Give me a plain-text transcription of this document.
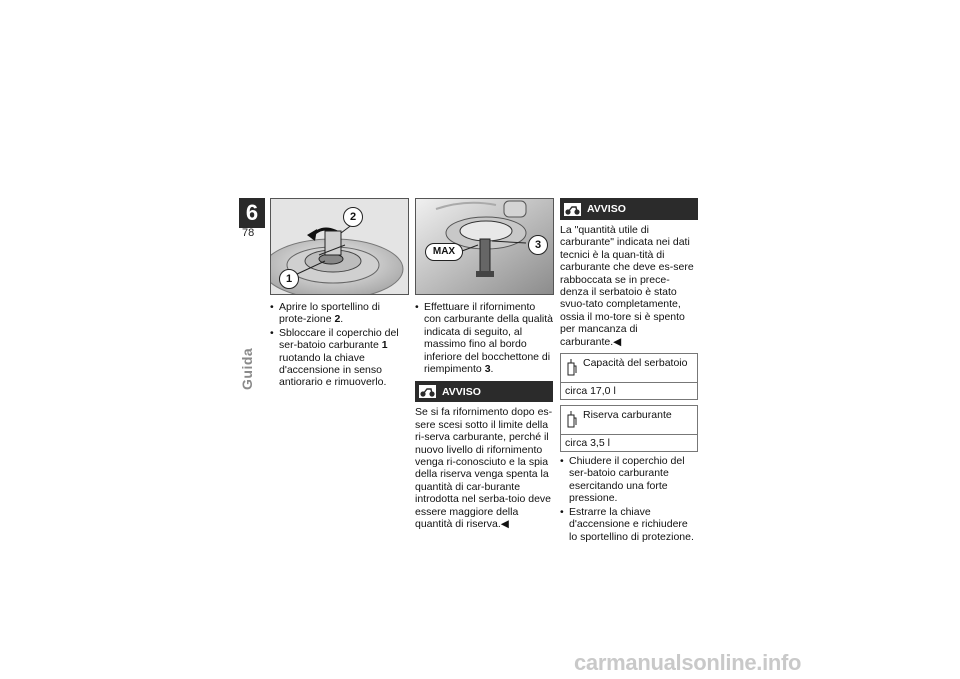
6
78
Guida
2
1
• Aprire lo sportellino di prote-zione 2.
• Sbloccare il coperchio del ser-batoio carburante 1 ruotando la chiave d'accensione in senso antiorario e rimuoverlo.
MAX
3
• Effettuare il rifornimento con carburante della qualità indicata di seguito, al massimo fino al bordo inferiore del bocchettone di riempimento 3.
AVVISO
Se si fa rifornimento dopo es-sere scesi sotto il limite della ri-serva carburante, perché il nuovo livello di rifornimento venga ri-conosciuto e la spia della riserva venga spenta la quantità di car-burante introdotta nel serba-toio deve essere maggiore della quantità di riserva.◀
AVVISO
La "quantità utile di carburante" indicata nei dati tecnici è la quan-tità di carburante che deve es-sere rabboccata se in prece-denza il serbatoio è stato svuo-tato completamente, ossia il mo-tore si è spento per mancanza di carburante.◀
Capacità del serbatoio
circa 17,0 l
Riserva carburante
circa 3,5 l
• Chiudere il coperchio del ser-batoio carburante esercitando una forte pressione.
• Estrarre la chiave d'accensione e richiudere lo sportellino di protezione.
carmanualsonline.info
